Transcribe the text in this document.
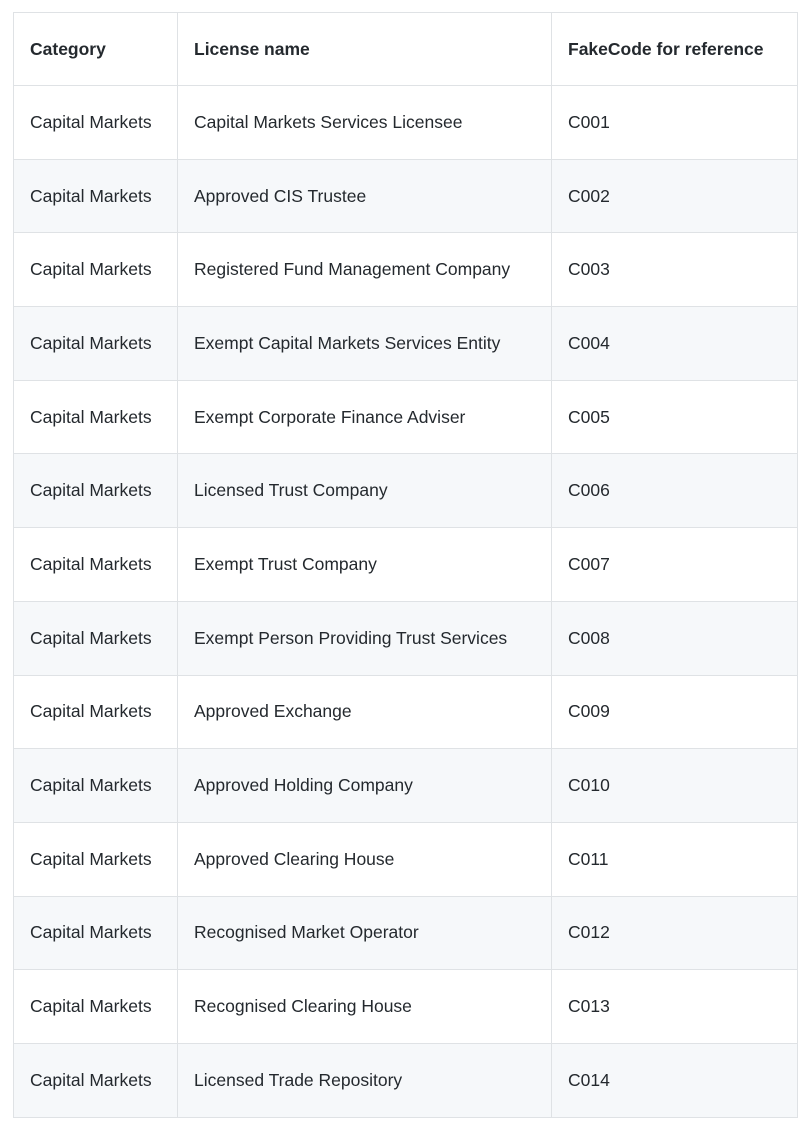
Category	License name	FakeCode for reference
Capital Markets	Capital Markets Services Licensee	C001
Capital Markets	Approved CIS Trustee	C002
Capital Markets	Registered Fund Management Company	C003
Capital Markets	Exempt Capital Markets Services Entity	C004
Capital Markets	Exempt Corporate Finance Adviser	C005
Capital Markets	Licensed Trust Company	C006
Capital Markets	Exempt Trust Company	C007
Capital Markets	Exempt Person Providing Trust Services	C008
Capital Markets	Approved Exchange	C009
Capital Markets	Approved Holding Company	C010
Capital Markets	Approved Clearing House	C011
Capital Markets	Recognised Market Operator	C012
Capital Markets	Recognised Clearing House	C013
Capital Markets	Licensed Trade Repository	C014
